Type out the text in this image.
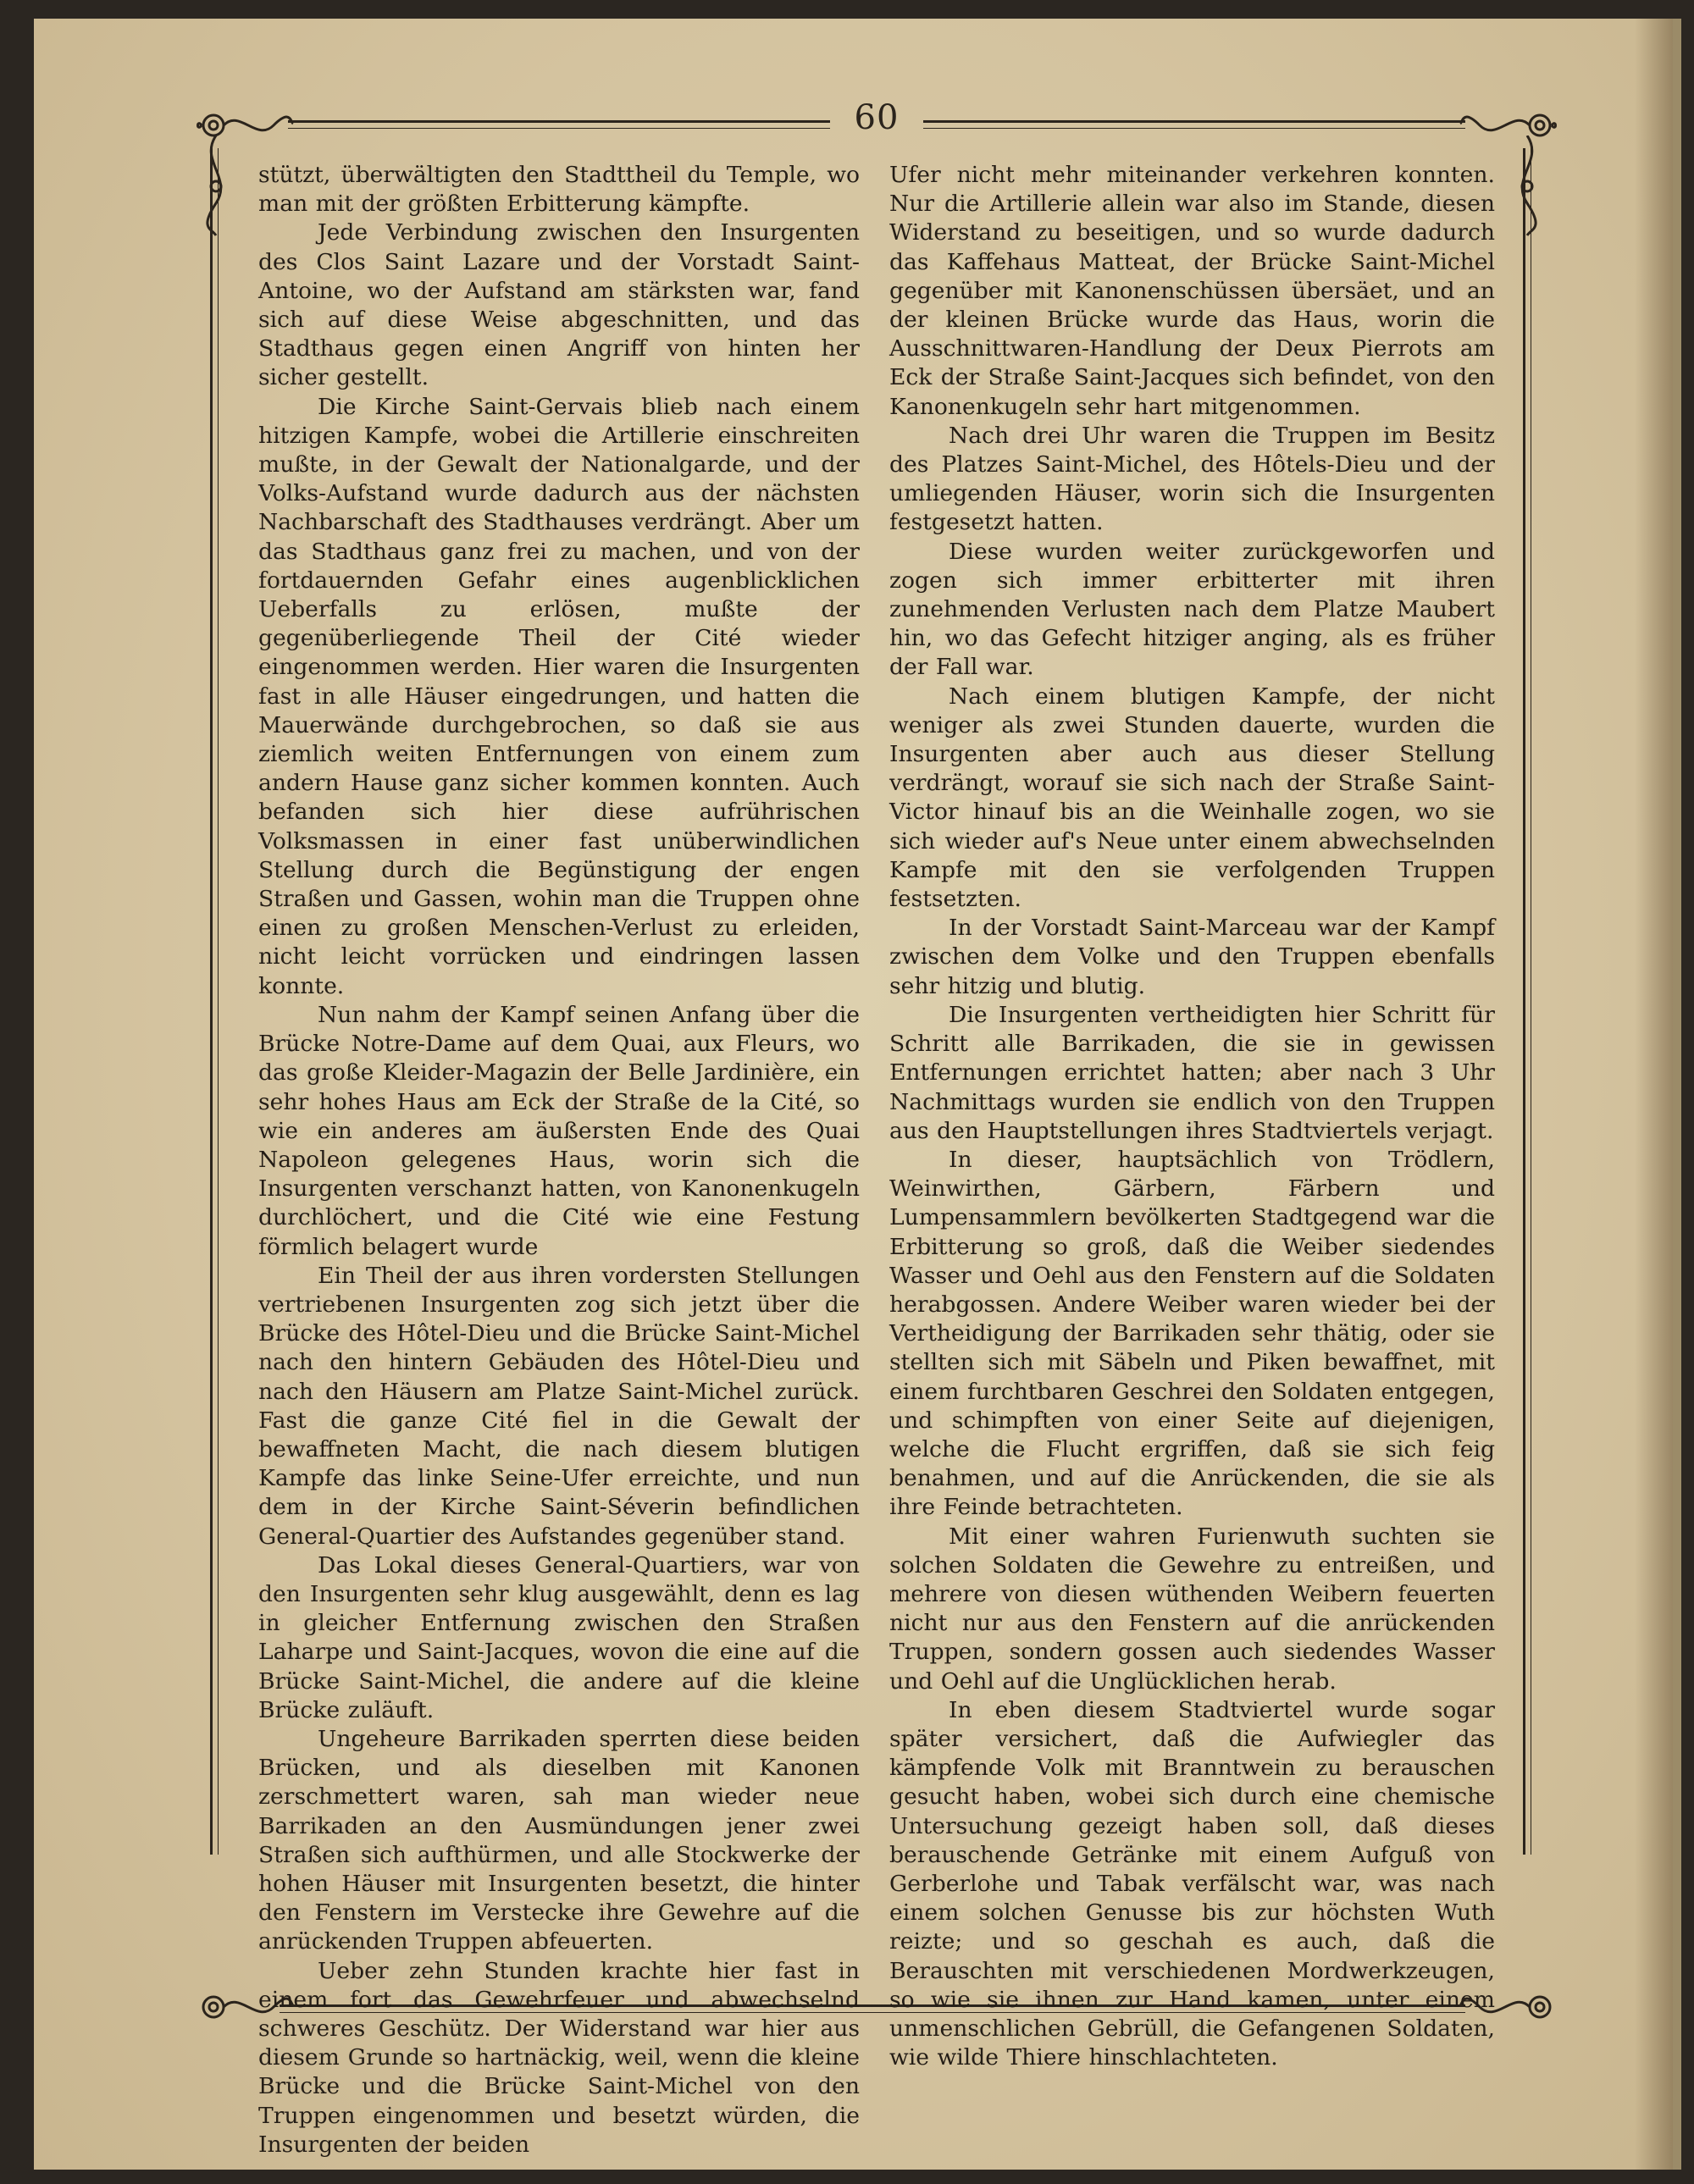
60

stützt, überwältigten den Stadttheil du Temple, wo man mit der größten Erbitterung kämpfte.

Jede Verbindung zwischen den Insurgenten des Clos Saint Lazare und der Vorstadt Saint-Antoine, wo der Aufstand am stärksten war, fand sich auf diese Weise abgeschnitten, und das Stadthaus gegen einen Angriff von hinten her sicher gestellt.

Die Kirche Saint-Gervais blieb nach einem hitzigen Kampfe, wobei die Artillerie einschreiten mußte, in der Gewalt der Nationalgarde, und der Volks-Aufstand wurde dadurch aus der nächsten Nachbarschaft des Stadthauses verdrängt. Aber um das Stadthaus ganz frei zu machen, und von der fortdauernden Gefahr eines augenblicklichen Ueberfalls zu erlösen, mußte der gegenüberliegende Theil der Cité wieder eingenommen werden. Hier waren die Insurgenten fast in alle Häuser eingedrungen, und hatten die Mauerwände durchgebrochen, so daß sie aus ziemlich weiten Entfernungen von einem zum andern Hause ganz sicher kommen konnten. Auch befanden sich hier diese aufrührischen Volksmassen in einer fast unüberwindlichen Stellung durch die Begünstigung der engen Straßen und Gassen, wohin man die Truppen ohne einen zu großen Menschen-Verlust zu erleiden, nicht leicht vorrücken und eindringen lassen konnte.

Nun nahm der Kampf seinen Anfang über die Brücke Notre-Dame auf dem Quai, aux Fleurs, wo das große Kleider-Magazin der Belle Jardinière, ein sehr hohes Haus am Eck der Straße de la Cité, so wie ein anderes am äußersten Ende des Quai Napoleon gelegenes Haus, worin sich die Insurgenten verschanzt hatten, von Kanonenkugeln durchlöchert, und die Cité wie eine Festung förmlich belagert wurde

Ein Theil der aus ihren vordersten Stellungen vertriebenen Insurgenten zog sich jetzt über die Brücke des Hôtel-Dieu und die Brücke Saint-Michel nach den hintern Gebäuden des Hôtel-Dieu und nach den Häusern am Platze Saint-Michel zurück. Fast die ganze Cité fiel in die Gewalt der bewaffneten Macht, die nach diesem blutigen Kampfe das linke Seine-Ufer erreichte, und nun dem in der Kirche Saint-Séverin befindlichen General-Quartier des Aufstandes gegenüber stand.

Das Lokal dieses General-Quartiers, war von den Insurgenten sehr klug ausgewählt, denn es lag in gleicher Entfernung zwischen den Straßen Laharpe und Saint-Jacques, wovon die eine auf die Brücke Saint-Michel, die andere auf die kleine Brücke zuläuft.

Ungeheure Barrikaden sperrten diese beiden Brücken, und als dieselben mit Kanonen zerschmettert waren, sah man wieder neue Barrikaden an den Ausmündungen jener zwei Straßen sich aufthürmen, und alle Stockwerke der hohen Häuser mit Insurgenten besetzt, die hinter den Fenstern im Verstecke ihre Gewehre auf die anrückenden Truppen abfeuerten.

Ueber zehn Stunden krachte hier fast in einem fort das Gewehrfeuer und abwechselnd schweres Geschütz. Der Widerstand war hier aus diesem Grunde so hartnäckig, weil, wenn die kleine Brücke und die Brücke Saint-Michel von den Truppen eingenommen und besetzt würden, die Insurgenten der beiden

Ufer nicht mehr miteinander verkehren konnten. Nur die Artillerie allein war also im Stande, diesen Widerstand zu beseitigen, und so wurde dadurch das Kaffehaus Matteat, der Brücke Saint-Michel gegenüber mit Kanonenschüssen übersäet, und an der kleinen Brücke wurde das Haus, worin die Ausschnittwaren-Handlung der Deux Pierrots am Eck der Straße Saint-Jacques sich befindet, von den Kanonenkugeln sehr hart mitgenommen.

Nach drei Uhr waren die Truppen im Besitz des Platzes Saint-Michel, des Hôtels-Dieu und der umliegenden Häuser, worin sich die Insurgenten festgesetzt hatten.

Diese wurden weiter zurückgeworfen und zogen sich immer erbitterter mit ihren zunehmenden Verlusten nach dem Platze Maubert hin, wo das Gefecht hitziger anging, als es früher der Fall war.

Nach einem blutigen Kampfe, der nicht weniger als zwei Stunden dauerte, wurden die Insurgenten aber auch aus dieser Stellung verdrängt, worauf sie sich nach der Straße Saint-Victor hinauf bis an die Weinhalle zogen, wo sie sich wieder auf's Neue unter einem abwechselnden Kampfe mit den sie verfolgenden Truppen festsetzten.

In der Vorstadt Saint-Marceau war der Kampf zwischen dem Volke und den Truppen ebenfalls sehr hitzig und blutig.

Die Insurgenten vertheidigten hier Schritt für Schritt alle Barrikaden, die sie in gewissen Entfernungen errichtet hatten; aber nach 3 Uhr Nachmittags wurden sie endlich von den Truppen aus den Hauptstellungen ihres Stadtviertels verjagt.

In dieser, hauptsächlich von Trödlern, Weinwirthen, Gärbern, Färbern und Lumpensammlern bevölkerten Stadtgegend war die Erbitterung so groß, daß die Weiber siedendes Wasser und Oehl aus den Fenstern auf die Soldaten herabgossen. Andere Weiber waren wieder bei der Vertheidigung der Barrikaden sehr thätig, oder sie stellten sich mit Säbeln und Piken bewaffnet, mit einem furchtbaren Geschrei den Soldaten entgegen, und schimpften von einer Seite auf diejenigen, welche die Flucht ergriffen, daß sie sich feig benahmen, und auf die Anrückenden, die sie als ihre Feinde betrachteten.

Mit einer wahren Furienwuth suchten sie solchen Soldaten die Gewehre zu entreißen, und mehrere von diesen wüthenden Weibern feuerten nicht nur aus den Fenstern auf die anrückenden Truppen, sondern gossen auch siedendes Wasser und Oehl auf die Unglücklichen herab.

In eben diesem Stadtviertel wurde sogar später versichert, daß die Aufwiegler das kämpfende Volk mit Branntwein zu berauschen gesucht haben, wobei sich durch eine chemische Untersuchung gezeigt haben soll, daß dieses berauschende Getränke mit einem Aufguß von Gerberlohe und Tabak verfälscht war, was nach einem solchen Genusse bis zur höchsten Wuth reizte; und so geschah es auch, daß die Berauschten mit verschiedenen Mordwerkzeugen, so wie sie ihnen zur Hand kamen, unter einem unmenschlichen Gebrüll, die Gefangenen Soldaten, wie wilde Thiere hinschlachteten.
